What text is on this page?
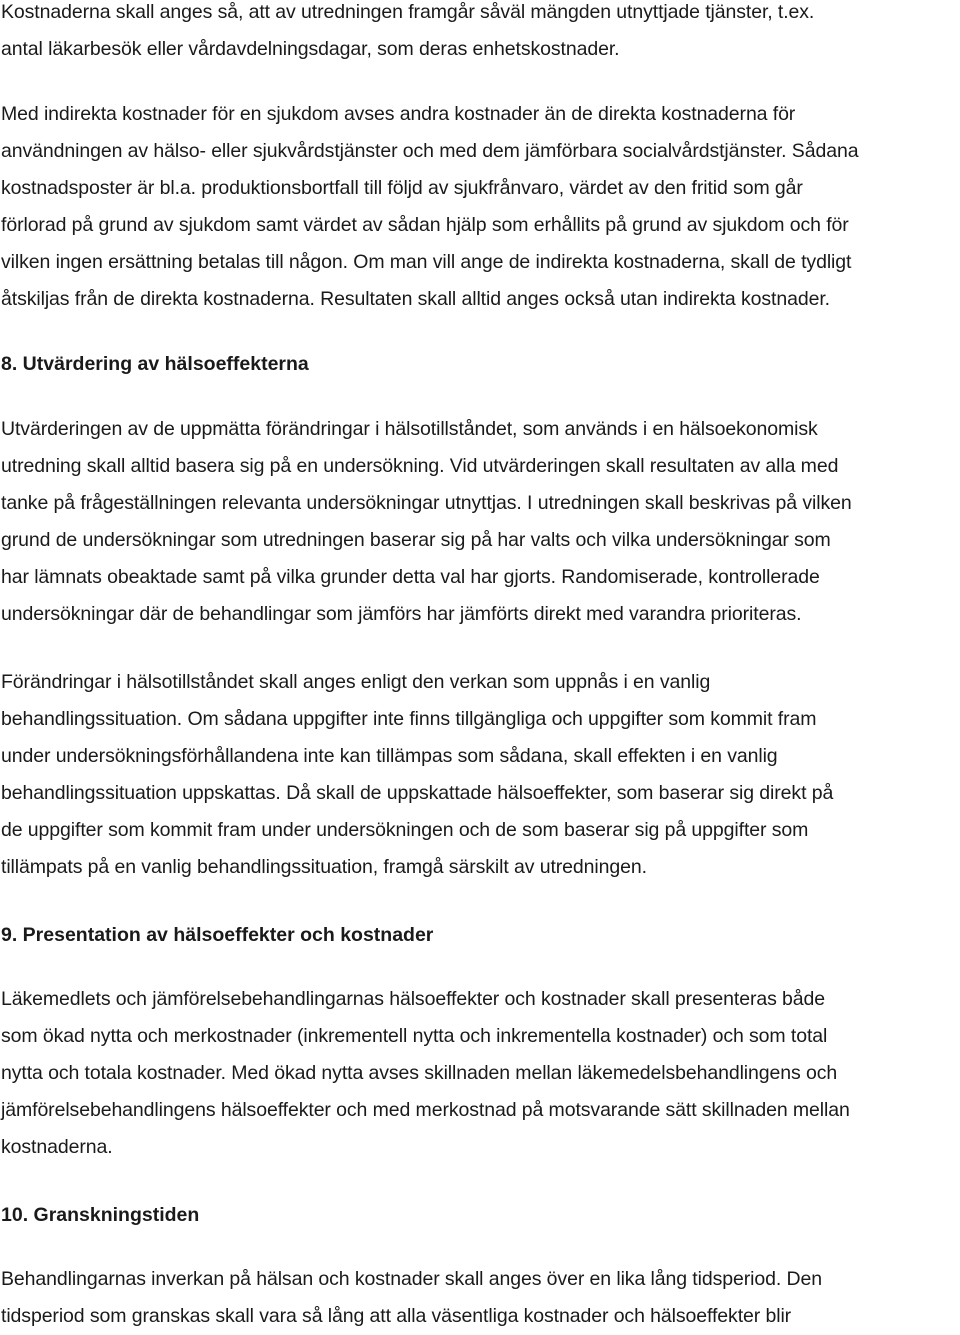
Kostnaderna skall anges så, att av utredningen framgår såväl mängden utnyttjade tjänster, t.ex.
antal läkarbesök eller vårdavdelningsdagar, som deras enhetskostnader.
Med indirekta kostnader för en sjukdom avses andra kostnader än de direkta kostnaderna för
användningen av hälso- eller sjukvårdstjänster och med dem jämförbara socialvårdstjänster. Sådana
kostnadsposter är bl.a. produktionsbortfall till följd av sjukfrånvaro, värdet av den fritid som går
förlorad på grund av sjukdom samt värdet av sådan hjälp som erhållits på grund av sjukdom och för
vilken ingen ersättning betalas till någon. Om man vill ange de indirekta kostnaderna, skall de tydligt
åtskiljas från de direkta kostnaderna. Resultaten skall alltid anges också utan indirekta kostnader.
8. Utvärdering av hälsoeffekterna
Utvärderingen av de uppmätta förändringar i hälsotillståndet, som används i en hälsoekonomisk
utredning skall alltid basera sig på en undersökning. Vid utvärderingen skall resultaten av alla med
tanke på frågeställningen relevanta undersökningar utnyttjas. I utredningen skall beskrivas på vilken
grund de undersökningar som utredningen baserar sig på har valts och vilka undersökningar som
har lämnats obeaktade samt på vilka grunder detta val har gjorts. Randomiserade, kontrollerade
undersökningar där de behandlingar som jämförs har jämförts direkt med varandra prioriteras.
Förändringar i hälsotillståndet skall anges enligt den verkan som uppnås i en vanlig
behandlingssituation. Om sådana uppgifter inte finns tillgängliga och uppgifter som kommit fram
under undersökningsförhållandena inte kan tillämpas som sådana, skall effekten i en vanlig
behandlingssituation uppskattas. Då skall de uppskattade hälsoeffekter, som baserar sig direkt på
de uppgifter som kommit fram under undersökningen och de som baserar sig på uppgifter som
tillämpats på en vanlig behandlingssituation, framgå särskilt av utredningen.
9. Presentation av hälsoeffekter och kostnader
Läkemedlets och jämförelsebehandlingarnas hälsoeffekter och kostnader skall presenteras både
som ökad nytta och merkostnader (inkrementell nytta och inkrementella kostnader) och som total
nytta och totala kostnader. Med ökad nytta avses skillnaden mellan läkemedelsbehandlingens och
jämförelsebehandlingens hälsoeffekter och med merkostnad på motsvarande sätt skillnaden mellan
kostnaderna.
10. Granskningstiden
Behandlingarnas inverkan på hälsan och kostnader skall anges över en lika lång tidsperiod. Den
tidsperiod som granskas skall vara så lång att alla väsentliga kostnader och hälsoeffekter blir
